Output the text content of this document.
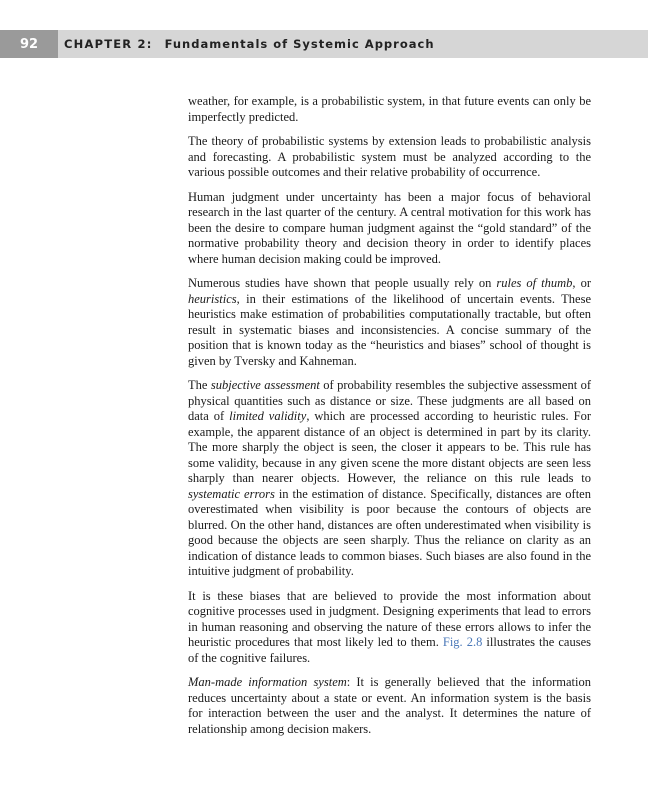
92	CHAPTER 2: Fundamentals of Systemic Approach

weather, for example, is a probabilistic system, in that future events can only be imperfectly predicted.

The theory of probabilistic systems by extension leads to probabilistic analysis and forecasting. A probabilistic system must be analyzed according to the various possible outcomes and their relative probability of occurrence.

Human judgment under uncertainty has been a major focus of behavioral research in the last quarter of the century. A central motivation for this work has been the desire to compare human judgment against the “gold standard” of the normative probability theory and decision theory in order to identify places where human decision making could be improved.

Numerous studies have shown that people usually rely on rules of thumb, or heuristics, in their estimations of the likelihood of uncertain events. These heuristics make estimation of probabilities computationally tractable, but often result in systematic biases and inconsistencies. A concise summary of the position that is known today as the “heuristics and biases” school of thought is given by Tversky and Kahneman.

The subjective assessment of probability resembles the subjective assessment of physical quantities such as distance or size. These judgments are all based on data of limited validity, which are processed according to heuristic rules. For example, the apparent distance of an object is determined in part by its clarity. The more sharply the object is seen, the closer it appears to be. This rule has some validity, because in any given scene the more distant objects are seen less sharply than nearer objects. However, the reliance on this rule leads to systematic errors in the estimation of distance. Specifically, distances are often overestimated when visibility is poor because the contours of objects are blurred. On the other hand, distances are often underestimated when visibility is good because the objects are seen sharply. Thus the reliance on clarity as an indication of distance leads to common biases. Such biases are also found in the intuitive judgment of probability.

It is these biases that are believed to provide the most information about cognitive processes used in judgment. Designing experiments that lead to errors in human reasoning and observing the nature of these errors allows to infer the heuristic procedures that most likely led to them. Fig. 2.8 illustrates the causes of the cognitive failures.

Man-made information system: It is generally believed that the information reduces uncertainty about a state or event. An information system is the basis for interaction between the user and the analyst. It determines the nature of relationship among decision makers.
